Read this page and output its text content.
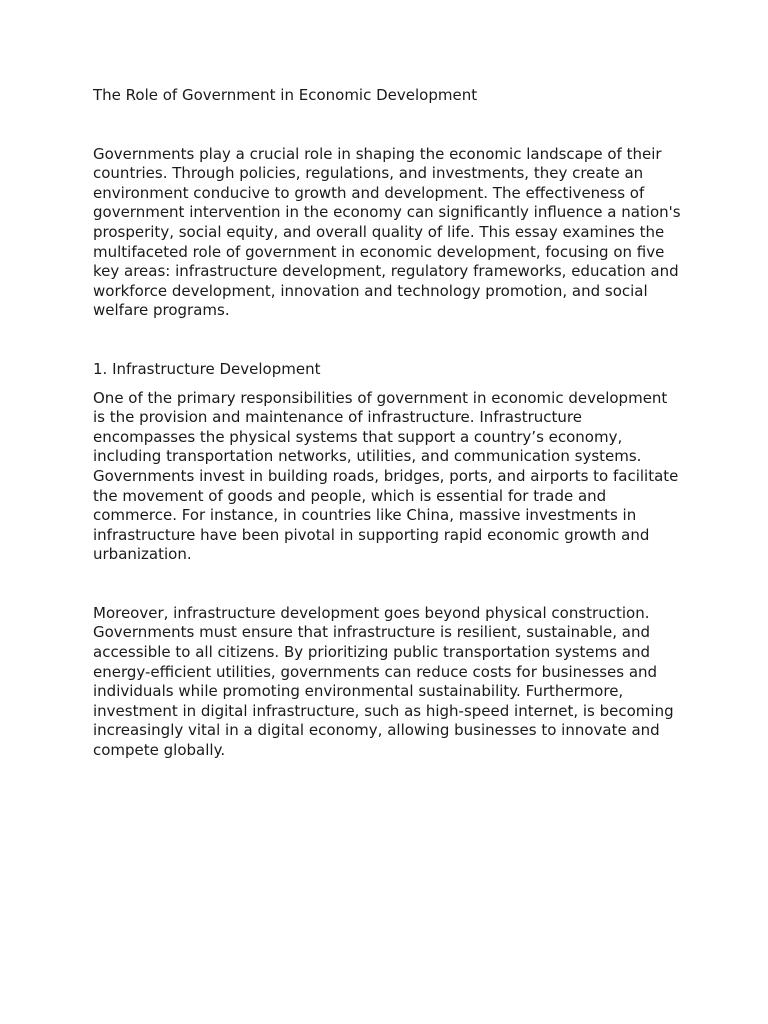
The Role of Government in Economic Development

Governments play a crucial role in shaping the economic landscape of their countries. Through policies, regulations, and investments, they create an environment conducive to growth and development. The effectiveness of government intervention in the economy can significantly influence a nation's prosperity, social equity, and overall quality of life. This essay examines the multifaceted role of government in economic development, focusing on five key areas: infrastructure development, regulatory frameworks, education and workforce development, innovation and technology promotion, and social welfare programs.

1. Infrastructure Development

One of the primary responsibilities of government in economic development is the provision and maintenance of infrastructure. Infrastructure encompasses the physical systems that support a country’s economy, including transportation networks, utilities, and communication systems. Governments invest in building roads, bridges, ports, and airports to facilitate the movement of goods and people, which is essential for trade and commerce. For instance, in countries like China, massive investments in infrastructure have been pivotal in supporting rapid economic growth and urbanization.

Moreover, infrastructure development goes beyond physical construction. Governments must ensure that infrastructure is resilient, sustainable, and accessible to all citizens. By prioritizing public transportation systems and energy-efficient utilities, governments can reduce costs for businesses and individuals while promoting environmental sustainability. Furthermore, investment in digital infrastructure, such as high-speed internet, is becoming increasingly vital in a digital economy, allowing businesses to innovate and compete globally.
